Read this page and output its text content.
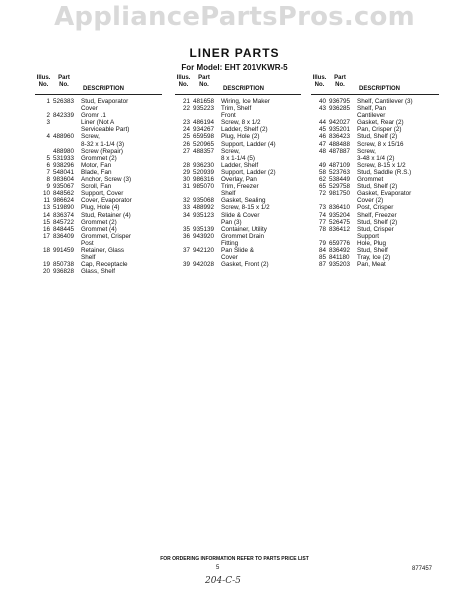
AppliancePartsPros.com
LINER PARTS
For Model: EHT 201VKWR-5
Illus.
No.
Part
No.
DESCRIPTION
1 526383	Stud, Evaporator
Cover
2 842339	Gromr .1
3	Liner (Not A
Serviceable Part)
4 488960	Screw,
8-32 x 1-1/4 (3)
488980	Screw (Repair)
5 531933	Grommet (2)
6 938296	Motor, Fan
7 548041	Blade, Fan
8 983604	Anchor, Screw (3)
9 935067	Scroll, Fan
10 848562	Support, Cover
11 986624	Cover, Evaporator
13 519890	Plug, Hole (4)
14 836374	Stud, Retainer (4)
15 845722	Grommet (2)
16 848445	Grommet (4)
17 836409	Grommet, Crisper
Post
18 991459	Retainer, Glass
Shelf
19 850738	Cap, Receptacle
20 936828	Glass, Shelf
Illus.
No.
Part
No.
DESCRIPTION
21 481658	Wiring, Ice Maker
22 935223	Trim, Shelf
Front
23 486194	Screw, 8 x 1/2
24 934267	Ladder, Shelf (2)
25 659598	Plug, Hole (2)
26 520965	Support, Ladder (4)
27 488357	Screw,
8 x 1-1/4 (5)
28 936230	Ladder, Shelf
29 520939	Support, Ladder (2)
30 986316	Overlay, Pan
31 985070	Trim, Freezer
Shelf
32 935068	Gasket, Sealing
33 488992	Screw, 8-15 x 1/2
34 935123	Slide & Cover
Pan (3)
35 935139	Container, Utility
36 943920	Grommet Drain
Fitting
37 942120	Pan Slide &
Cover
39 942028	Gasket, Front (2)
Illus.
No.
Part
No.
DESCRIPTION
40 936795	Shelf, Cantilever (3)
43 936285	Shelf, Pan
Cantilever
44 942027	Gasket, Rear (2)
45 935201	Pan, Crisper (2)
46 836423	Stud, Shelf (2)
47 488488	Screw, 8 x 15/16
48 487887	Screw,
3-48 x 1/4 (2)
49 487109	Screw, 8-15 x 1/2
58 523763	Stud, Saddle (R.S.)
62 538449	Grommet
65 529758	Stud, Shelf (2)
72 981750	Gasket, Evaporator
Cover (2)
73 836410	Post, Crisper
74 935204	Shelf, Freezer
77 526475	Stud, Shelf (2)
78 836412	Stud, Crisper
Support
79 659776	Hole, Plug
84 836492	Stud, Shelf
85 841180	Tray, Ice (2)
87 935203	Pan, Meat
FOR ORDERING INFORMATION REFER TO PARTS PRICE LIST
5	877457
204-C-5
